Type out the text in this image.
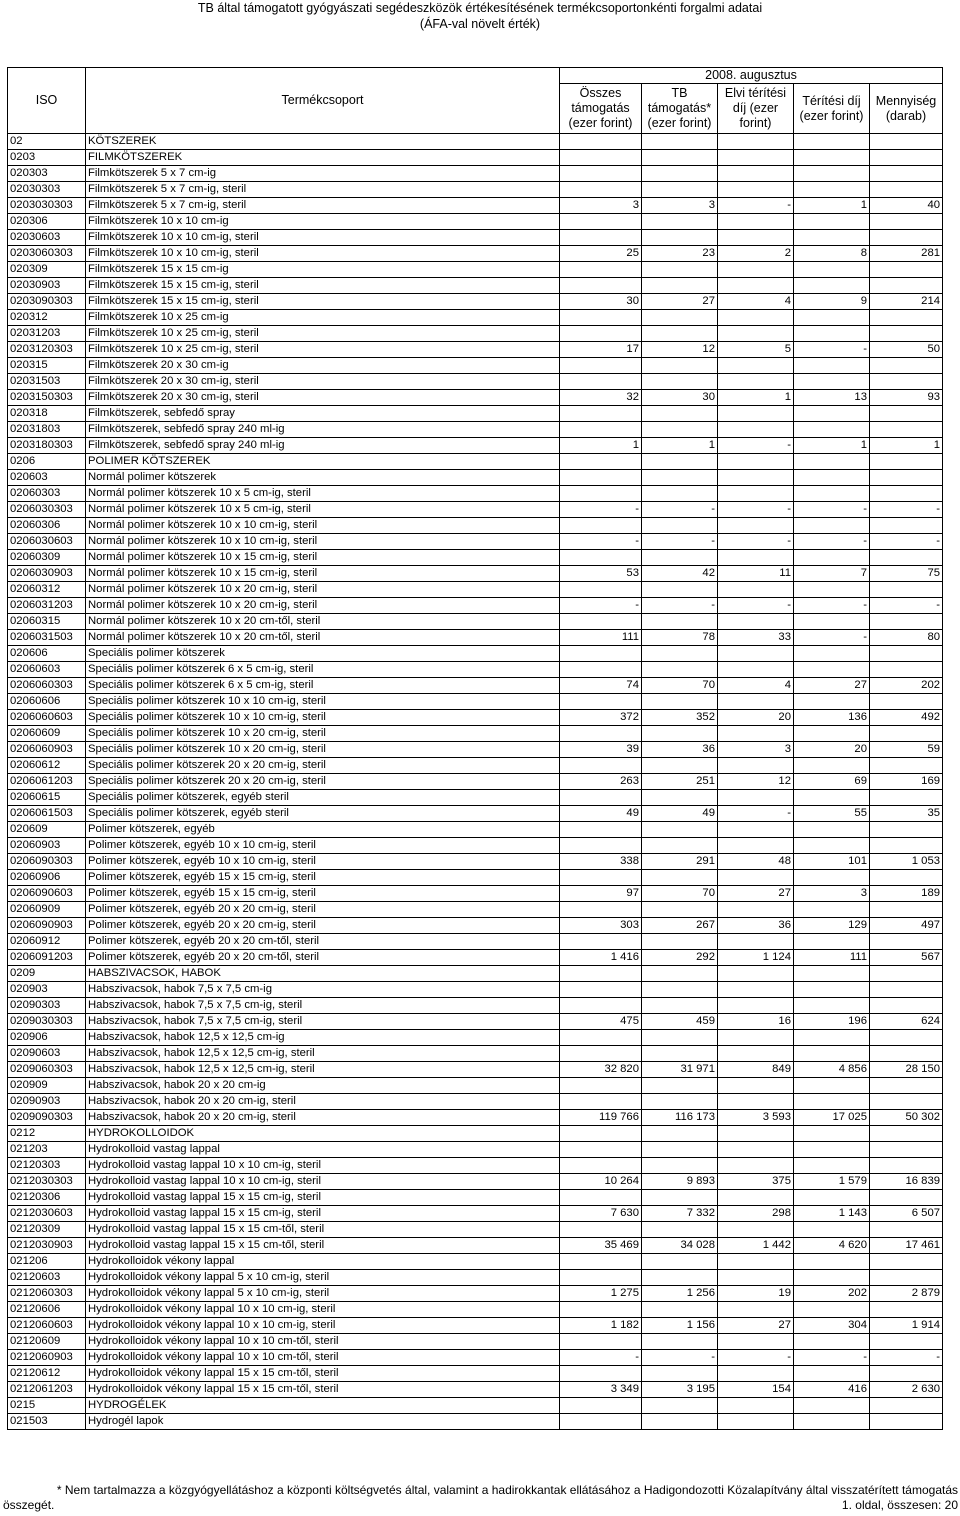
TB által támogatott gyógyászati segédeszközök értékesítésének termékcsoportonkénti forgalmi adatai
(ÁFA-val növelt érték)
ISO	Termékcsoport	2008. augusztus				
		Összes támogatás (ezer forint)	TB támogatás* (ezer forint)	Elvi térítési díj (ezer forint)	Térítési díj (ezer forint)	Mennyiség (darab)
02	KÖTSZEREK					
0203	FILMKÖTSZEREK					
020303	Filmkötszerek 5 x 7 cm-ig					
02030303	Filmkötszerek 5 x 7 cm-ig, steril					
0203030303	Filmkötszerek 5 x 7 cm-ig, steril	3	3	-	1	40
020306	Filmkötszerek 10 x 10 cm-ig					
02030603	Filmkötszerek 10 x 10 cm-ig, steril					
0203060303	Filmkötszerek 10 x 10 cm-ig, steril	25	23	2	8	281
020309	Filmkötszerek 15 x 15 cm-ig					
02030903	Filmkötszerek 15 x 15 cm-ig, steril					
0203090303	Filmkötszerek 15 x 15 cm-ig, steril	30	27	4	9	214
020312	Filmkötszerek 10 x 25 cm-ig					
02031203	Filmkötszerek 10 x 25 cm-ig, steril					
0203120303	Filmkötszerek 10 x 25 cm-ig, steril	17	12	5	-	50
020315	Filmkötszerek 20 x 30 cm-ig					
02031503	Filmkötszerek 20 x 30 cm-ig, steril					
0203150303	Filmkötszerek 20 x 30 cm-ig, steril	32	30	1	13	93
020318	Filmkötszerek, sebfedő spray					
02031803	Filmkötszerek, sebfedő spray 240 ml-ig					
0203180303	Filmkötszerek, sebfedő spray 240 ml-ig	1	1	-	1	1
0206	POLIMER KÖTSZEREK					
020603	Normál polimer kötszerek					
02060303	Normál polimer kötszerek 10 x 5 cm-ig, steril					
0206030303	Normál polimer kötszerek 10 x 5 cm-ig, steril	-	-	-	-	-
02060306	Normál polimer kötszerek 10 x 10 cm-ig, steril					
0206030603	Normál polimer kötszerek 10 x 10 cm-ig, steril	-	-	-	-	-
02060309	Normál polimer kötszerek 10 x 15 cm-ig, steril					
0206030903	Normál polimer kötszerek 10 x 15 cm-ig, steril	53	42	11	7	75
02060312	Normál polimer kötszerek 10 x 20 cm-ig, steril					
0206031203	Normál polimer kötszerek 10 x 20 cm-ig, steril	-	-	-	-	-
02060315	Normál polimer kötszerek 10 x 20 cm-től, steril					
0206031503	Normál polimer kötszerek 10 x 20 cm-től, steril	111	78	33	-	80
020606	Speciális polimer kötszerek					
02060603	Speciális polimer kötszerek 6 x 5 cm-ig, steril					
0206060303	Speciális polimer kötszerek 6 x 5 cm-ig, steril	74	70	4	27	202
02060606	Speciális polimer kötszerek 10 x 10 cm-ig, steril					
0206060603	Speciális polimer kötszerek 10 x 10 cm-ig, steril	372	352	20	136	492
02060609	Speciális polimer kötszerek 10 x 20 cm-ig, steril					
0206060903	Speciális polimer kötszerek 10 x 20 cm-ig, steril	39	36	3	20	59
02060612	Speciális polimer kötszerek 20 x 20 cm-ig, steril					
0206061203	Speciális polimer kötszerek 20 x 20 cm-ig, steril	263	251	12	69	169
02060615	Speciális polimer kötszerek, egyéb steril					
0206061503	Speciális polimer kötszerek, egyéb steril	49	49	-	55	35
020609	Polimer kötszerek, egyéb					
02060903	Polimer kötszerek, egyéb 10 x 10 cm-ig, steril					
0206090303	Polimer kötszerek, egyéb 10 x 10 cm-ig, steril	338	291	48	101	1 053
02060906	Polimer kötszerek, egyéb 15 x 15 cm-ig, steril					
0206090603	Polimer kötszerek, egyéb 15 x 15 cm-ig, steril	97	70	27	3	189
02060909	Polimer kötszerek, egyéb 20 x 20 cm-ig, steril					
0206090903	Polimer kötszerek, egyéb 20 x 20 cm-ig, steril	303	267	36	129	497
02060912	Polimer kötszerek, egyéb 20 x 20 cm-től, steril					
0206091203	Polimer kötszerek, egyéb 20 x 20 cm-től, steril	1 416	292	1 124	111	567
0209	HABSZIVACSOK, HABOK					
020903	Habszivacsok, habok 7,5 x 7,5 cm-ig					
02090303	Habszivacsok, habok 7,5 x 7,5 cm-ig, steril					
0209030303	Habszivacsok, habok 7,5 x 7,5 cm-ig, steril	475	459	16	196	624
020906	Habszivacsok, habok 12,5 x 12,5 cm-ig					
02090603	Habszivacsok, habok 12,5 x 12,5 cm-ig, steril					
0209060303	Habszivacsok, habok 12,5 x 12,5 cm-ig, steril	32 820	31 971	849	4 856	28 150
020909	Habszivacsok, habok 20 x 20 cm-ig					
02090903	Habszivacsok, habok 20 x 20 cm-ig, steril					
0209090303	Habszivacsok, habok 20 x 20 cm-ig, steril	119 766	116 173	3 593	17 025	50 302
0212	HYDROKOLLOIDOK					
021203	Hydrokolloid vastag lappal					
02120303	Hydrokolloid vastag lappal 10 x 10 cm-ig, steril					
0212030303	Hydrokolloid vastag lappal 10 x 10 cm-ig, steril	10 264	9 893	375	1 579	16 839
02120306	Hydrokolloid vastag lappal 15 x 15 cm-ig, steril					
0212030603	Hydrokolloid vastag lappal 15 x 15 cm-ig, steril	7 630	7 332	298	1 143	6 507
02120309	Hydrokolloid vastag lappal 15 x 15 cm-től, steril					
0212030903	Hydrokolloid vastag lappal 15 x 15 cm-től, steril	35 469	34 028	1 442	4 620	17 461
021206	Hydrokolloidok vékony lappal					
02120603	Hydrokolloidok vékony lappal 5 x 10 cm-ig, steril					
0212060303	Hydrokolloidok vékony lappal 5 x 10 cm-ig, steril	1 275	1 256	19	202	2 879
02120606	Hydrokolloidok vékony lappal 10 x 10 cm-ig, steril					
0212060603	Hydrokolloidok vékony lappal 10 x 10 cm-ig, steril	1 182	1 156	27	304	1 914
02120609	Hydrokolloidok vékony lappal 10 x 10 cm-től, steril					
0212060903	Hydrokolloidok vékony lappal 10 x 10 cm-től, steril	-	-	-	-	-
02120612	Hydrokolloidok vékony lappal 15 x 15 cm-től, steril					
0212061203	Hydrokolloidok vékony lappal 15 x 15 cm-től, steril	3 349	3 195	154	416	2 630
0215	HYDROGÉLEK					
021503	Hydrogél lapok					
* Nem tartalmazza a közgyógyellátáshoz a központi költségvetés által, valamint a hadirokkantak ellátásához a Hadigondozotti Közalapítvány által visszatérített támogatás
összegét.	1. oldal, összesen: 20
